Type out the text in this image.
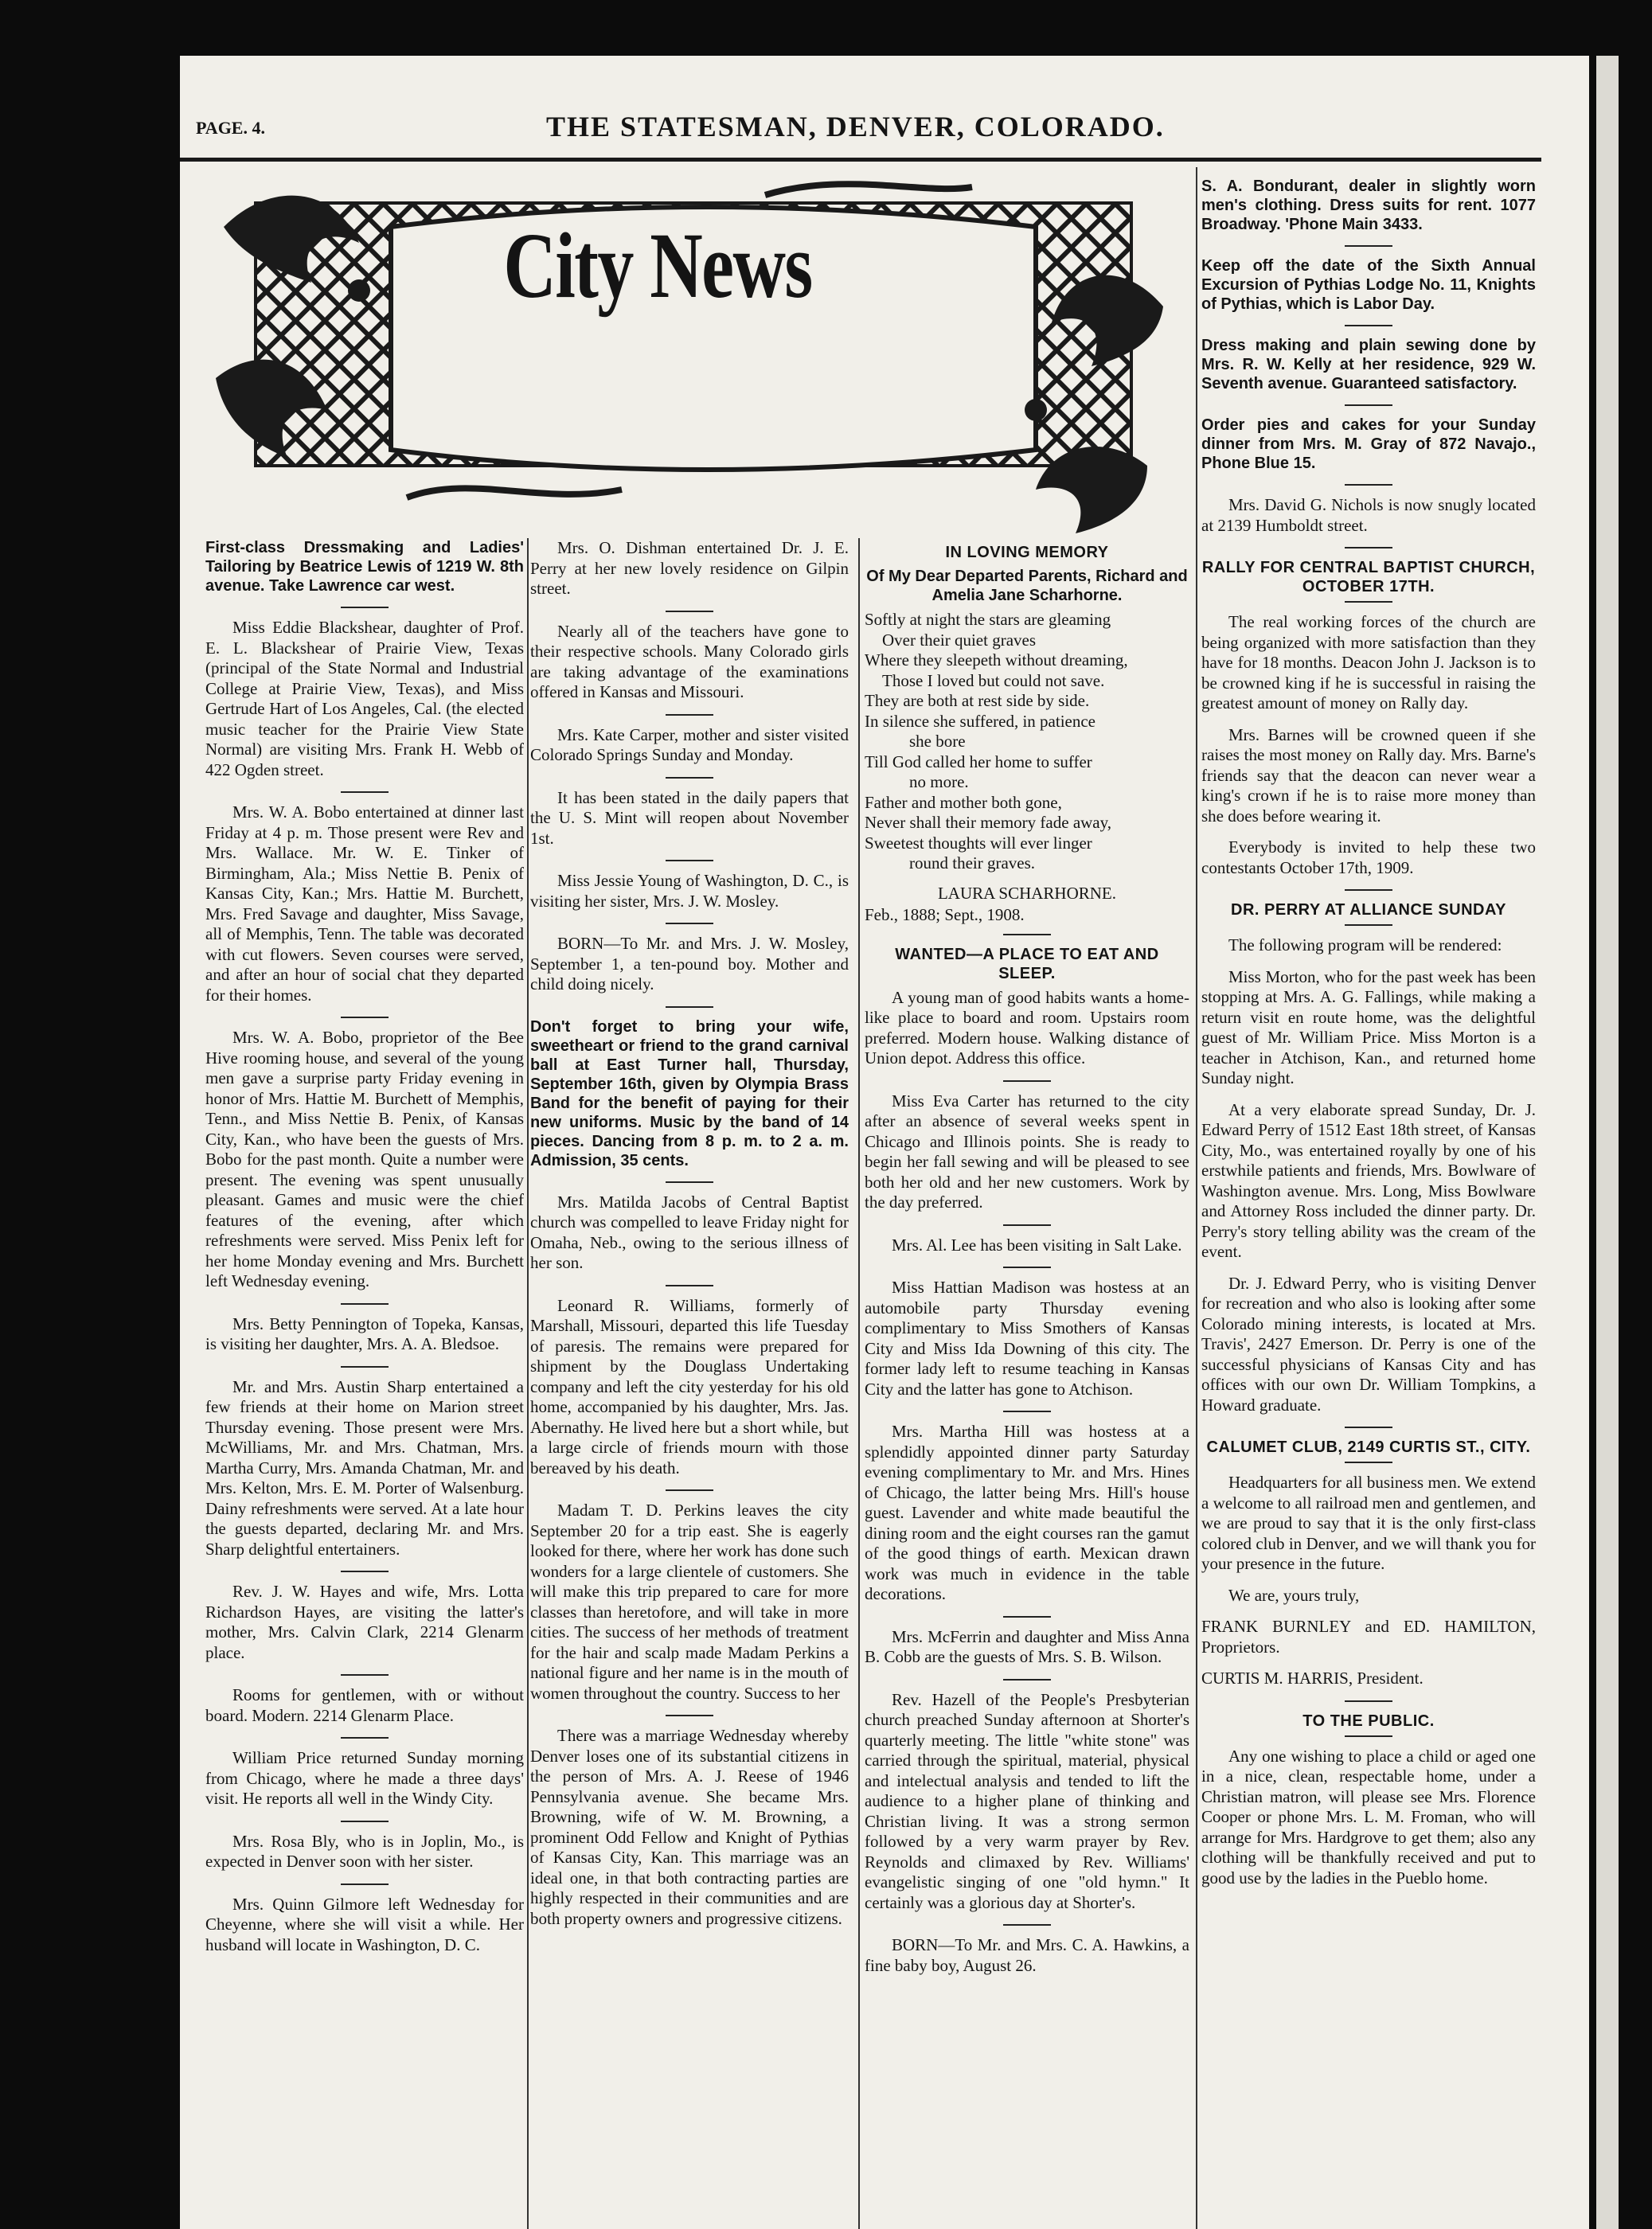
PAGE. 4.	THE STATESMAN, DENVER, COLORADO.
City News

First-class Dressmaking and Ladies' Tailoring by Beatrice Lewis of 1219 W. 8th avenue. Take Lawrence car west.

Miss Eddie Blackshear, daughter of Prof. E. L. Blackshear of Prairie View, Texas (principal of the State Normal and Industrial College at Prairie View, Texas), and Miss Gertrude Hart of Los Angeles, Cal. (the elected music teacher for the Prairie View State Normal) are visiting Mrs. Frank H. Webb of 422 Ogden street.

Mrs. W. A. Bobo entertained at dinner last Friday at 4 p. m. Those present were Rev and Mrs. Wallace. Mr. W. E. Tinker of Birmingham, Ala.; Miss Nettie B. Penix of Kansas City, Kan.; Mrs. Hattie M. Burchett, Mrs. Fred Savage and daughter, Miss Savage, all of Memphis, Tenn. The table was decorated with cut flowers. Seven courses were served, and after an hour of social chat they departed for their homes.

Mrs. W. A. Bobo, proprietor of the Bee Hive rooming house, and several of the young men gave a surprise party Friday evening in honor of Mrs. Hattie M. Burchett of Memphis, Tenn., and Miss Nettie B. Penix, of Kansas City, Kan., who have been the guests of Mrs. Bobo for the past month. Quite a number were present. The evening was spent unusually pleasant. Games and music were the chief features of the evening, after which refreshments were served. Miss Penix left for her home Monday evening and Mrs. Burchett left Wednesday evening.

Mrs. Betty Pennington of Topeka, Kansas, is visiting her daughter, Mrs. A. A. Bledsoe.

Mr. and Mrs. Austin Sharp entertained a few friends at their home on Marion street Thursday evening. Those present were Mrs. McWilliams, Mr. and Mrs. Chatman, Mrs. Martha Curry, Mrs. Amanda Chatman, Mr. and Mrs. Kelton, Mrs. E. M. Porter of Walsenburg. Dainy refreshments were served. At a late hour the guests departed, declaring Mr. and Mrs. Sharp delightful entertainers.

Rev. J. W. Hayes and wife, Mrs. Lotta Richardson Hayes, are visiting the latter's mother, Mrs. Calvin Clark, 2214 Glenarm place.

Rooms for gentlemen, with or without board. Modern. 2214 Glenarm Place.

William Price returned Sunday morning from Chicago, where he made a three days' visit. He reports all well in the Windy City.

Mrs. Rosa Bly, who is in Joplin, Mo., is expected in Denver soon with her sister.

Mrs. Quinn Gilmore left Wednesday for Cheyenne, where she will visit a while. Her husband will locate in Washington, D. C.

Mrs. O. Dishman entertained Dr. J. E. Perry at her new lovely residence on Gilpin street.

Nearly all of the teachers have gone to their respective schools. Many Colorado girls are taking advantage of the examinations offered in Kansas and Missouri.

Mrs. Kate Carper, mother and sister visited Colorado Springs Sunday and Monday.

It has been stated in the daily papers that the U. S. Mint will reopen about November 1st.

Miss Jessie Young of Washington, D. C., is visiting her sister, Mrs. J. W. Mosley.

BORN—To Mr. and Mrs. J. W. Mosley, September 1, a ten-pound boy. Mother and child doing nicely.

Don't forget to bring your wife, sweetheart or friend to the grand carnival ball at East Turner hall, Thursday, September 16th, given by Olympia Brass Band for the benefit of paying for their new uniforms. Music by the band of 14 pieces. Dancing from 8 p. m. to 2 a. m. Admission, 35 cents.

Mrs. Matilda Jacobs of Central Baptist church was compelled to leave Friday night for Omaha, Neb., owing to the serious illness of her son.

Leonard R. Williams, formerly of Marshall, Missouri, departed this life Tuesday of paresis. The remains were prepared for shipment by the Douglass Undertaking company and left the city yesterday for his old home, accompanied by his daughter, Mrs. Jas. Abernathy. He lived here but a short while, but a large circle of friends mourn with those bereaved by his death.

Madam T. D. Perkins leaves the city September 20 for a trip east. She is eagerly looked for there, where her work has done such wonders for a large clientele of customers. She will make this trip prepared to care for more classes than heretofore, and will take in more cities. The success of her methods of treatment for the hair and scalp made Madam Perkins a national figure and her name is in the mouth of women throughout the country. Success to her

There was a marriage Wednesday whereby Denver loses one of its substantial citizens in the person of Mrs. A. J. Reese of 1946 Pennsylvania avenue. She became Mrs. Browning, wife of W. M. Browning, a prominent Odd Fellow and Knight of Pythias of Kansas City, Kan. This marriage was an ideal one, in that both contracting parties are highly respected in their communities and are both property owners and progressive citizens.

IN LOVING MEMORY
Of My Dear Departed Parents, Richard and Amelia Jane Scharhorne.
Softly at night the stars are gleaming
Over their quiet graves
Where they sleepeth without dreaming,
Those I loved but could not save.
They are both at rest side by side.
In silence she suffered, in patience
she bore
Till God called her home to suffer
no more.
Father and mother both gone,
Never shall their memory fade away,
Sweetest thoughts will ever linger
round their graves.
LAURA SCHARHORNE.
Feb., 1888; Sept., 1908.
WANTED—A PLACE TO EAT AND SLEEP.

A young man of good habits wants a home-like place to board and room. Upstairs room preferred. Modern house. Walking distance of Union depot. Address this office.

Miss Eva Carter has returned to the city after an absence of several weeks spent in Chicago and Illinois points. She is ready to begin her fall sewing and will be pleased to see both her old and her new customers. Work by the day preferred.

Mrs. Al. Lee has been visiting in Salt Lake.

Miss Hattian Madison was hostess at an automobile party Thursday evening complimentary to Miss Smothers of Kansas City and Miss Ida Downing of this city. The former lady left to resume teaching in Kansas City and the latter has gone to Atchison.

Mrs. Martha Hill was hostess at a splendidly appointed dinner party Saturday evening complimentary to Mr. and Mrs. Hines of Chicago, the latter being Mrs. Hill's house guest. Lavender and white made beautiful the dining room and the eight courses ran the gamut of the good things of earth. Mexican drawn work was much in evidence in the table decorations.

Mrs. McFerrin and daughter and Miss Anna B. Cobb are the guests of Mrs. S. B. Wilson.

Rev. Hazell of the People's Presbyterian church preached Sunday afternoon at Shorter's quarterly meeting. The little "white stone" was carried through the spiritual, material, physical and intelectual analysis and tended to lift the audience to a higher plane of thinking and Christian living. It was a strong sermon followed by a very warm prayer by Rev. Reynolds and climaxed by Rev. Williams' evangelistic singing of one "old hymn." It certainly was a glorious day at Shorter's.

BORN—To Mr. and Mrs. C. A. Hawkins, a fine baby boy, August 26.

S. A. Bondurant, dealer in slightly worn men's clothing. Dress suits for rent. 1077 Broadway. 'Phone Main 3433.

Keep off the date of the Sixth Annual Excursion of Pythias Lodge No. 11, Knights of Pythias, which is Labor Day.

Dress making and plain sewing done by Mrs. R. W. Kelly at her residence, 929 W. Seventh avenue. Guaranteed satisfactory.

Order pies and cakes for your Sunday dinner from Mrs. M. Gray of 872 Navajo., Phone Blue 15.

Mrs. David G. Nichols is now snugly located at 2139 Humboldt street.

RALLY FOR CENTRAL BAPTIST CHURCH, OCTOBER 17TH.

The real working forces of the church are being organized with more satisfaction than they have for 18 months. Deacon John J. Jackson is to be crowned king if he is successful in raising the greatest amount of money on Rally day.

Mrs. Barnes will be crowned queen if she raises the most money on Rally day. Mrs. Barne's friends say that the deacon can never wear a king's crown if he is to raise more money than she does before wearing it.

Everybody is invited to help these two contestants October 17th, 1909.

DR. PERRY AT ALLIANCE SUNDAY

The following program will be rendered:

Miss Morton, who for the past week has been stopping at Mrs. A. G. Fallings, while making a return visit en route home, was the delightful guest of Mr. William Price. Miss Morton is a teacher in Atchison, Kan., and returned home Sunday night.

At a very elaborate spread Sunday, Dr. J. Edward Perry of 1512 East 18th street, of Kansas City, Mo., was entertained royally by one of his erstwhile patients and friends, Mrs. Bowlware of Washington avenue. Mrs. Long, Miss Bowlware and Attorney Ross included the dinner party. Dr. Perry's story telling ability was the cream of the event.

Dr. J. Edward Perry, who is visiting Denver for recreation and who also is looking after some Colorado mining interests, is located at Mrs. Travis', 2427 Emerson. Dr. Perry is one of the successful physicians of Kansas City and has offices with our own Dr. William Tompkins, a Howard graduate.

CALUMET CLUB, 2149 CURTIS ST., CITY.

Headquarters for all business men. We extend a welcome to all railroad men and gentlemen, and we are proud to say that it is the only first-class colored club in Denver, and we will thank you for your presence in the future.

We are, yours truly,

FRANK BURNLEY and ED. HAMILTON, Proprietors.

CURTIS M. HARRIS, President.

TO THE PUBLIC.

Any one wishing to place a child or aged one in a nice, clean, respectable home, under a Christian matron, will please see Mrs. Florence Cooper or phone Mrs. L. M. Froman, who will arrange for Mrs. Hardgrove to get them; also any clothing will be thankfully received and put to good use by the ladies in the Pueblo home.
